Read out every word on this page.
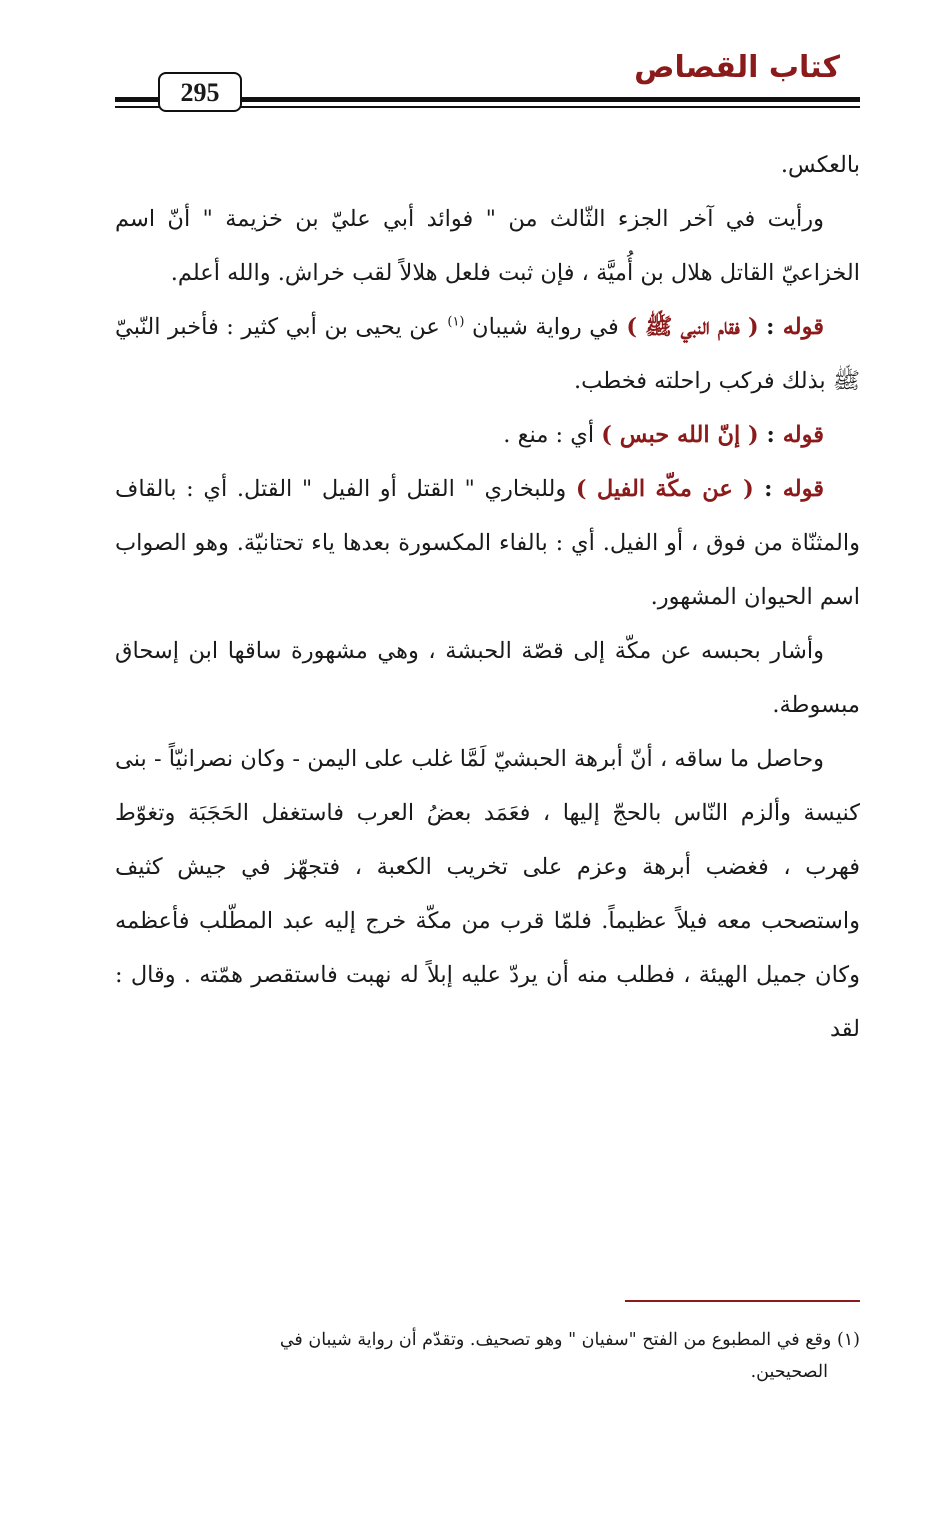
كتاب القصاص
295

بالعكس.

ورأيت في آخر الجزء الثّالث من " فوائد أبي عليّ بن خزيمة " أنّ اسم الخزاعيّ القاتل هلال بن أُميَّة ، فإن ثبت فلعل هلالاً لقب خراش. والله أعلم.

قوله : ( فقام النبي ﷺ ) في رواية شيبان $^{(١)}$ عن يحيى بن أبي كثير : فأخبر النّبيّ ﷺ بذلك فركب راحلته فخطب.

قوله : ( إنّ الله حبس ) أي : منع .

قوله : ( عن مكّة الفيل ) وللبخاري " القتل أو الفيل " القتل. أي : بالقاف والمثنّاة من فوق ، أو الفيل. أي : بالفاء المكسورة بعدها ياء تحتانيّة. وهو الصواب اسم الحيوان المشهور.

وأشار بحبسه عن مكّة إلى قصّة الحبشة ، وهي مشهورة ساقها ابن إسحاق مبسوطة.

وحاصل ما ساقه ، أنّ أبرهة الحبشيّ لَمَّا غلب على اليمن - وكان نصرانيّاً - بنى كنيسة وألزم النّاس بالحجّ إليها ، فعَمَد بعضُ العرب فاستغفل الحَجَبَة وتغوّط فهرب ، فغضب أبرهة وعزم على تخريب الكعبة ، فتجهّز في جيش كثيف واستصحب معه فيلاً عظيماً. فلمّا قرب من مكّة خرج إليه عبد المطّلب فأعظمه وكان جميل الهيئة ، فطلب منه أن يردّ عليه إبلاً له نهبت فاستقصر همّته . وقال : لقد

(١) وقع في المطبوع من الفتح "سفيان " وهو تصحيف. وتقدّم أن رواية شيبان في
الصحيحين.
